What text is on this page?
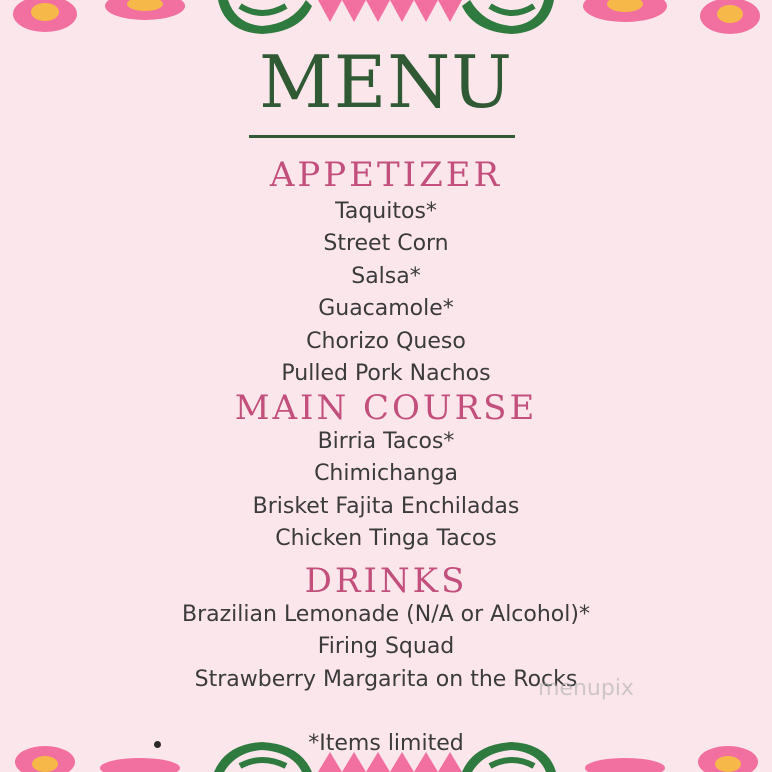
MENU
APPETIZER
Taquitos*
Street Corn
Salsa*
Guacamole*
Chorizo Queso
Pulled Pork Nachos
MAIN COURSE
Birria Tacos*
Chimichanga
Brisket Fajita Enchiladas
Chicken Tinga Tacos
DRINKS
Brazilian Lemonade (N/A or Alcohol)*
Firing Squad
Strawberry Margarita on the Rocks
menupix
*Items limited
